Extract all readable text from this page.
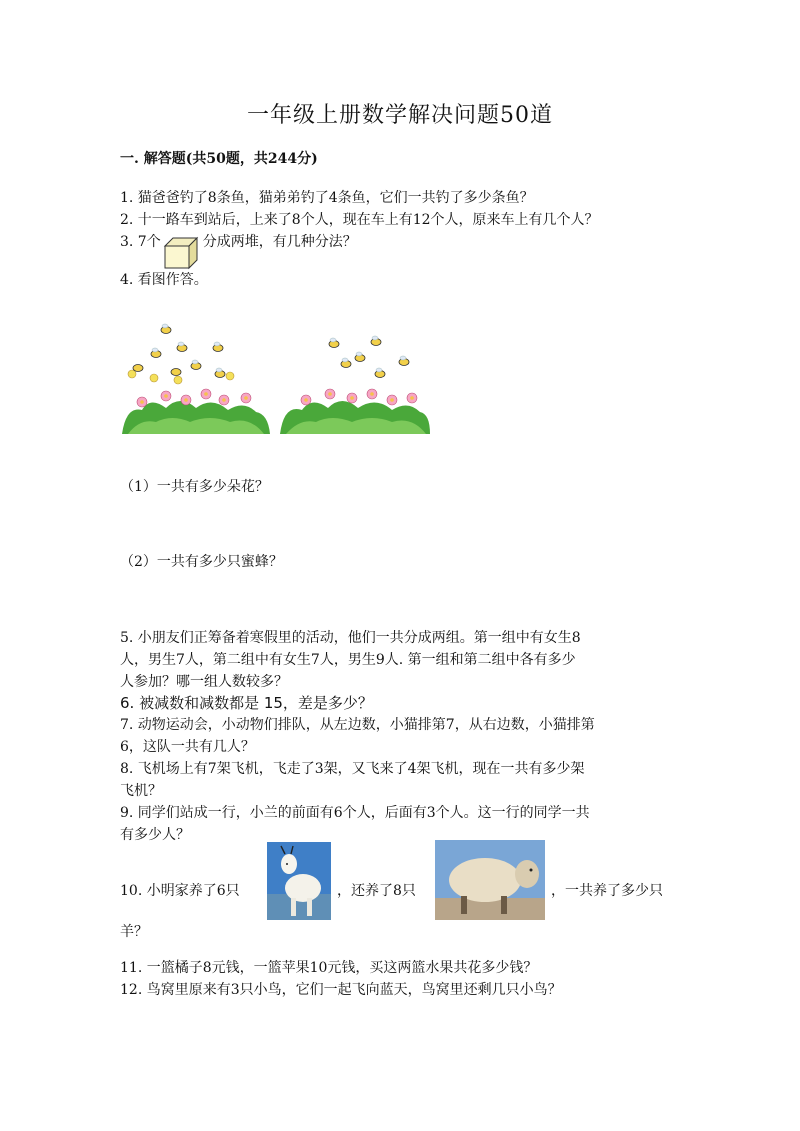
一年级上册数学解决问题50道
一. 解答题(共50题，共244分)
1. 猫爸爸钓了8条鱼，猫弟弟钓了4条鱼，它们一共钓了多少条鱼？
2. 十一路车到站后，上来了8个人，现在车上有12个人，原来车上有几个人？
3. 7个	分成两堆，有几种分法？
4. 看图作答。
（1）一共有多少朵花？
（2）一共有多少只蜜蜂？
5. 小朋友们正筹备着寒假里的活动，他们一共分成两组。第一组中有女生8
人，男生7人，第二组中有女生7人，男生9人. 第一组和第二组中各有多少
人参加？哪一组人数较多？
6. 被减数和减数都是 15，差是多少？
7. 动物运动会，小动物们排队，从左边数，小猫排第7，从右边数，小猫排第
6，这队一共有几人？
8. 飞机场上有7架飞机，飞走了3架，又飞来了4架飞机，现在一共有多少架
飞机？
9. 同学们站成一行，小兰的前面有6个人，后面有3个人。这一行的同学一共
有多少人？
10. 小明家养了6只	，还养了8只	，一共养了多少只
羊？
11. 一篮橘子8元钱，一篮苹果10元钱，买这两篮水果共花多少钱？
12. 鸟窝里原来有3只小鸟，它们一起飞向蓝天，鸟窝里还剩几只小鸟？
